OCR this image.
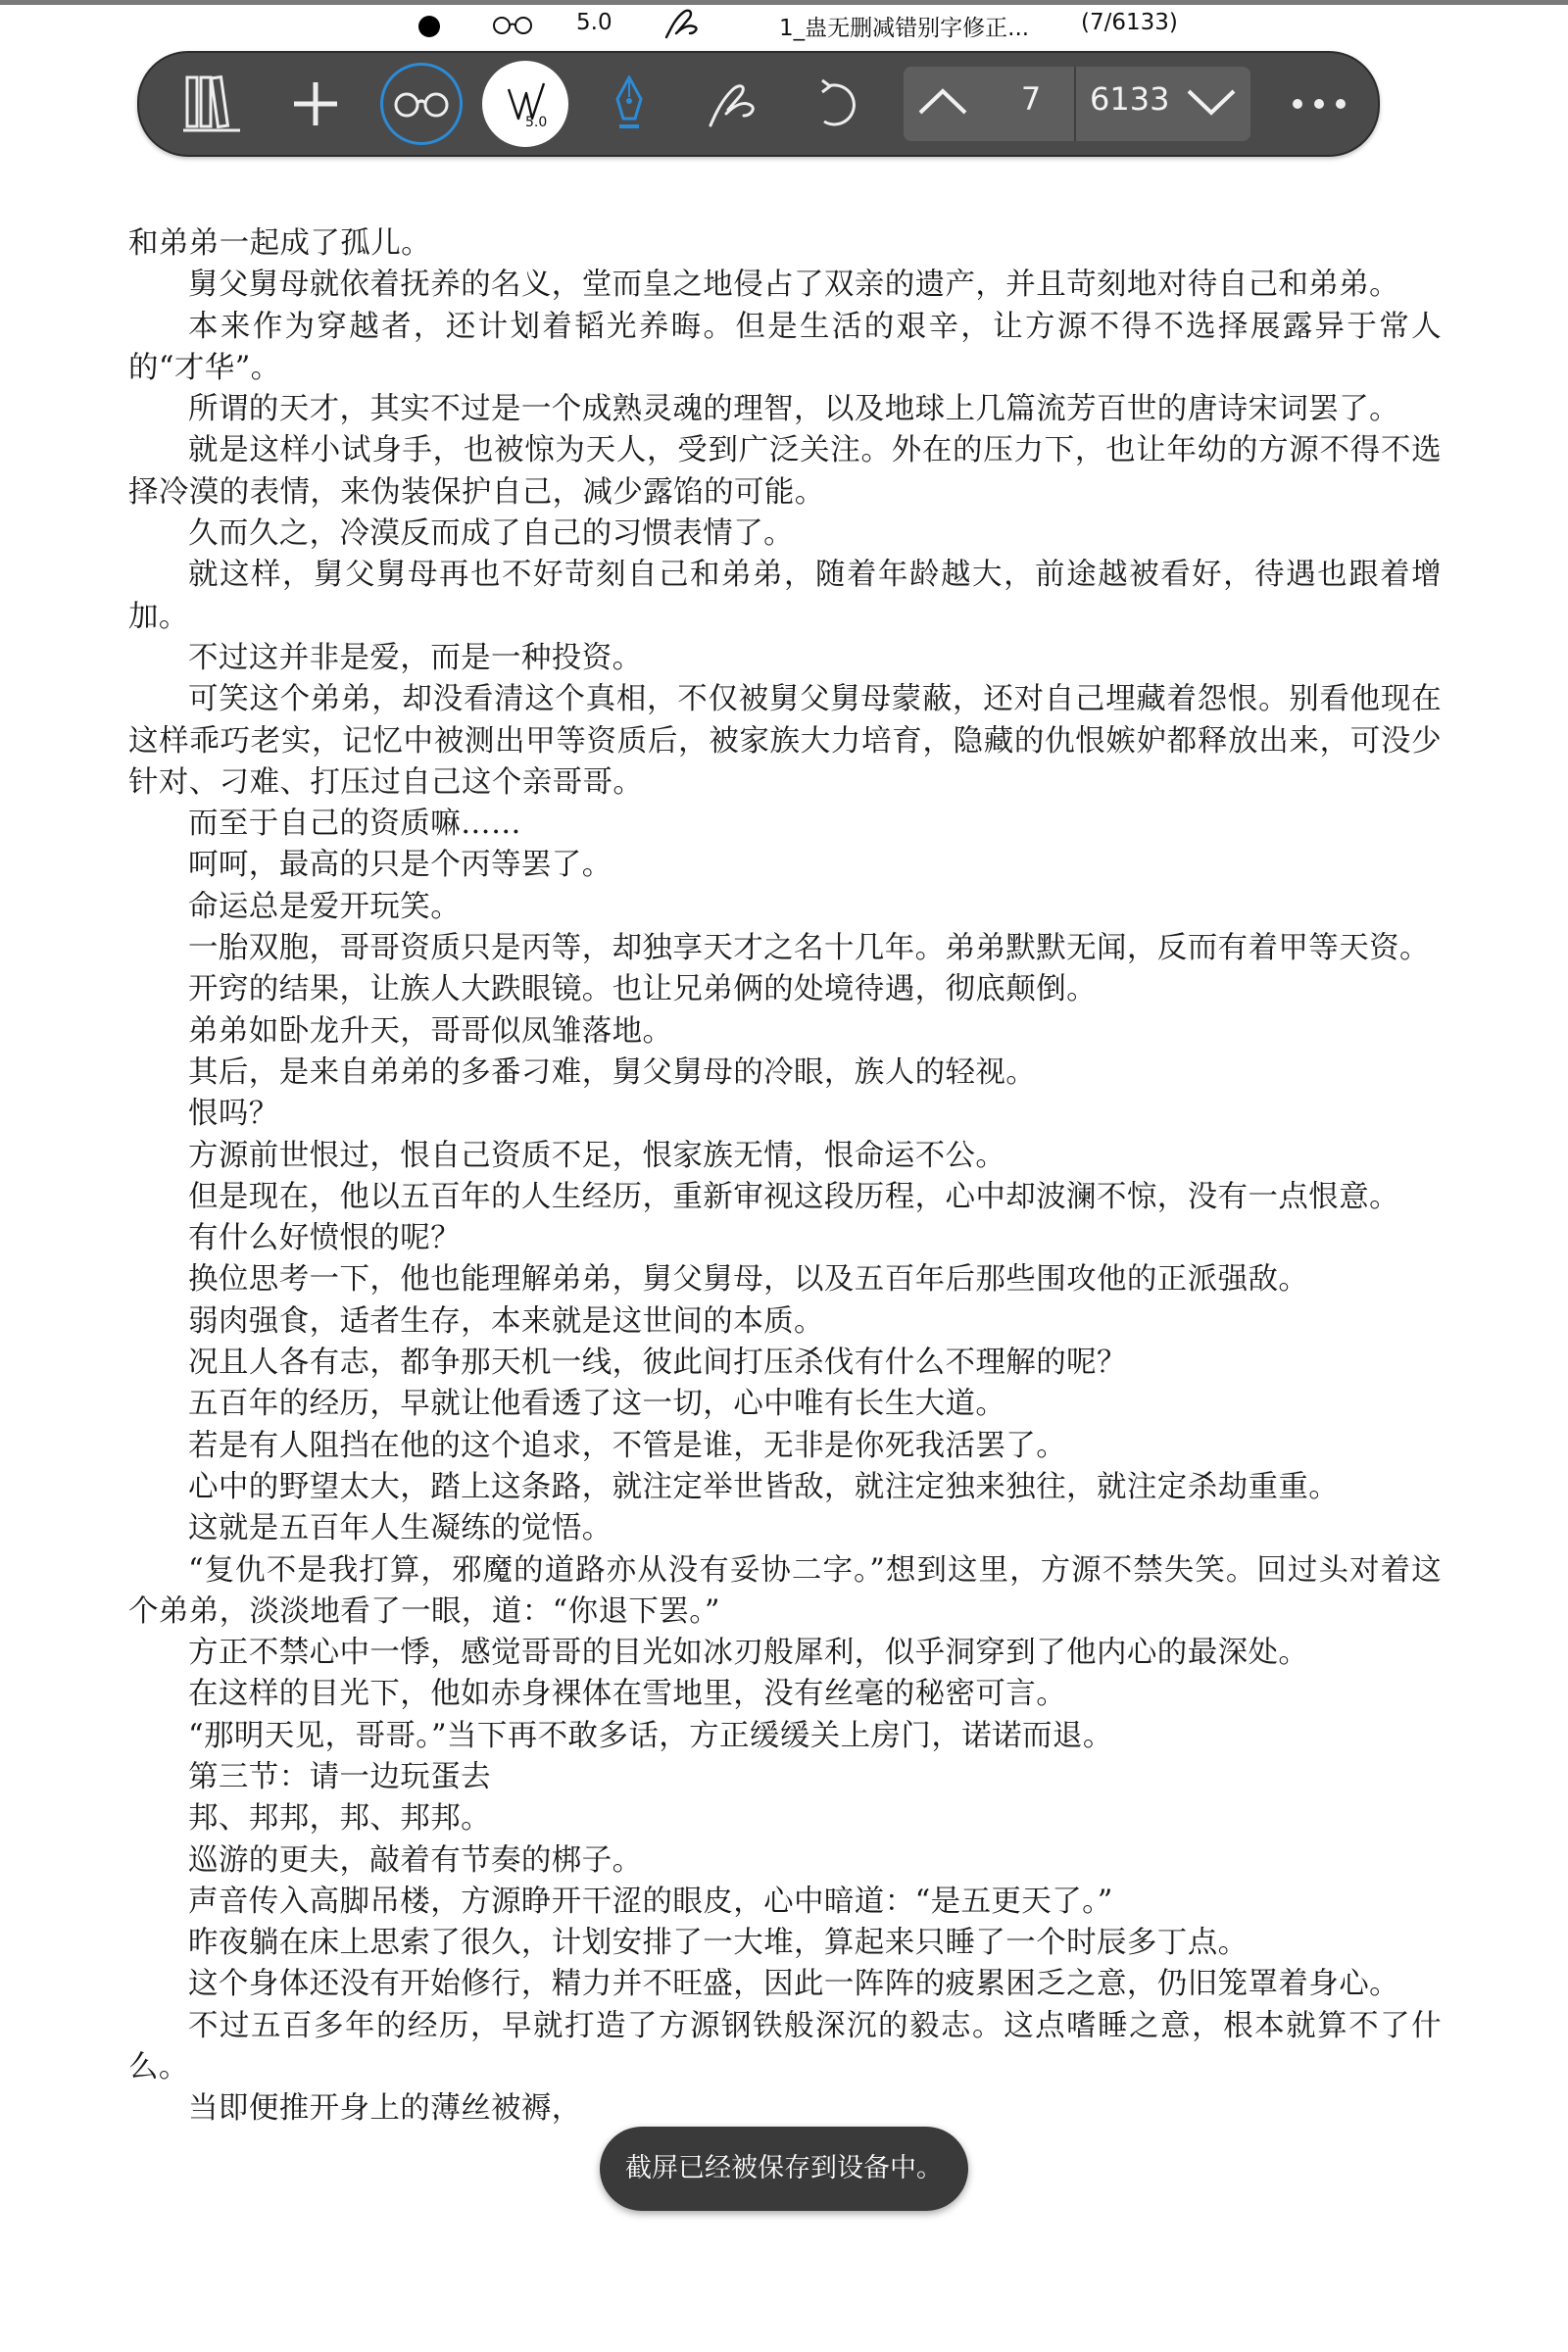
5.0	1_蛊无删减错别字修正... (7/6133)
5.0
7	6133

和弟弟一起成了孤儿。

舅父舅母就依着抚养的名义，堂而皇之地侵占了双亲的遗产，并且苛刻地对待自己和弟弟。

本来作为穿越者，还计划着韬光养晦。但是生活的艰辛，让方源不得不选择展露异于常人的“才华”。

所谓的天才，其实不过是一个成熟灵魂的理智，以及地球上几篇流芳百世的唐诗宋词罢了。

就是这样小试身手，也被惊为天人，受到广泛关注。外在的压力下，也让年幼的方源不得不选择冷漠的表情，来伪装保护自己，减少露馅的可能。

久而久之，冷漠反而成了自己的习惯表情了。

就这样，舅父舅母再也不好苛刻自己和弟弟，随着年龄越大，前途越被看好，待遇也跟着增加。

不过这并非是爱，而是一种投资。

可笑这个弟弟，却没看清这个真相，不仅被舅父舅母蒙蔽，还对自己埋藏着怨恨。别看他现在这样乖巧老实，记忆中被测出甲等资质后，被家族大力培育，隐藏的仇恨嫉妒都释放出来，可没少针对、刁难、打压过自己这个亲哥哥。

而至于自己的资质嘛……

呵呵，最高的只是个丙等罢了。

命运总是爱开玩笑。

一胎双胞，哥哥资质只是丙等，却独享天才之名十几年。弟弟默默无闻，反而有着甲等天资。

开窍的结果，让族人大跌眼镜。也让兄弟俩的处境待遇，彻底颠倒。

弟弟如卧龙升天，哥哥似凤雏落地。

其后，是来自弟弟的多番刁难，舅父舅母的冷眼，族人的轻视。

恨吗？

方源前世恨过，恨自己资质不足，恨家族无情，恨命运不公。

但是现在，他以五百年的人生经历，重新审视这段历程，心中却波澜不惊，没有一点恨意。

有什么好愤恨的呢？

换位思考一下，他也能理解弟弟，舅父舅母，以及五百年后那些围攻他的正派强敌。

弱肉强食，适者生存，本来就是这世间的本质。

况且人各有志，都争那天机一线，彼此间打压杀伐有什么不理解的呢？

五百年的经历，早就让他看透了这一切，心中唯有长生大道。

若是有人阻挡在他的这个追求，不管是谁，无非是你死我活罢了。

心中的野望太大，踏上这条路，就注定举世皆敌，就注定独来独往，就注定杀劫重重。

这就是五百年人生凝练的觉悟。

“复仇不是我打算，邪魔的道路亦从没有妥协二字。”想到这里，方源不禁失笑。回过头对着这个弟弟，淡淡地看了一眼，道：“你退下罢。”

方正不禁心中一悸，感觉哥哥的目光如冰刃般犀利，似乎洞穿到了他内心的最深处。

在这样的目光下，他如赤身裸体在雪地里，没有丝毫的秘密可言。

“那明天见，哥哥。”当下再不敢多话，方正缓缓关上房门，诺诺而退。

第三节：请一边玩蛋去

邦、邦邦，邦、邦邦。

巡游的更夫，敲着有节奏的梆子。

声音传入高脚吊楼，方源睁开干涩的眼皮，心中暗道：“是五更天了。”

昨夜躺在床上思索了很久，计划安排了一大堆，算起来只睡了一个时辰多丁点。

这个身体还没有开始修行，精力并不旺盛，因此一阵阵的疲累困乏之意，仍旧笼罩着身心。

不过五百多年的经历，早就打造了方源钢铁般深沉的毅志。这点嗜睡之意，根本就算不了什么。

当即便推开身上的薄丝被褥，

截屏已经被保存到设备中。
